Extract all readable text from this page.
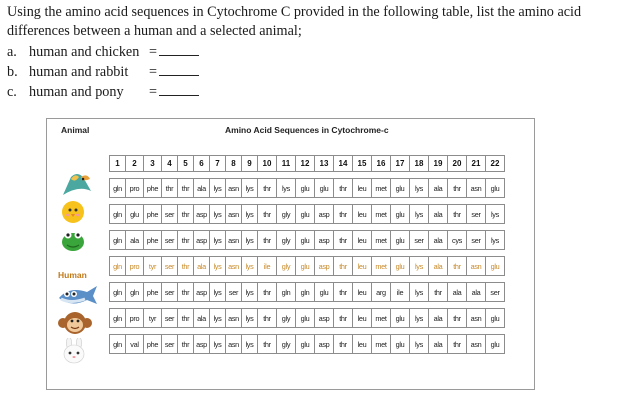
Using the amino acid sequences in Cytochrome C provided in the following table, list the amino acid differences between a human and a selected animal;

a. human and chicken =
b. human and rabbit	=
c. human and pony	=
Animal	Amino Acid Sequences in Cytochrome-c
1	2	3	4	5	6	7	8	9	10	11	12	13	14	15	16	17	18	19	20	21	22

gln	pro	phe	thr	thr	ala	lys	asn	lys	thr	lys	glu	glu	thr	leu	met	glu	lys	ala	thr	asn	glu

gln	glu	phe	ser	thr	asp	lys	asn	lys	thr	gly	glu	asp	thr	leu	met	glu	lys	ala	thr	ser	lys

gln	ala	phe	ser	thr	asp	lys	asn	lys	thr	gly	glu	asp	thr	leu	met	glu	ser	ala	cys	ser	lys

gln	pro	tyr	ser	thr	ala	lys	asn	lys	ile	gly	glu	asp	thr	leu	met	glu	lys	ala	thr	asn	glu

gln	gln	phe	ser	thr	asp	lys	ser	lys	thr	gln	gln	glu	thr	leu	arg	ile	lys	thr	ala	ala	ser

gln	pro	tyr	ser	thr	ala	lys	asn	lys	thr	gly	glu	asp	thr	leu	met	glu	lys	ala	thr	asn	glu

gln	val	phe	ser	thr	asp	lys	asn	lys	thr	gly	glu	asp	thr	leu	met	glu	lys	ala	thr	asn	glu
Human
